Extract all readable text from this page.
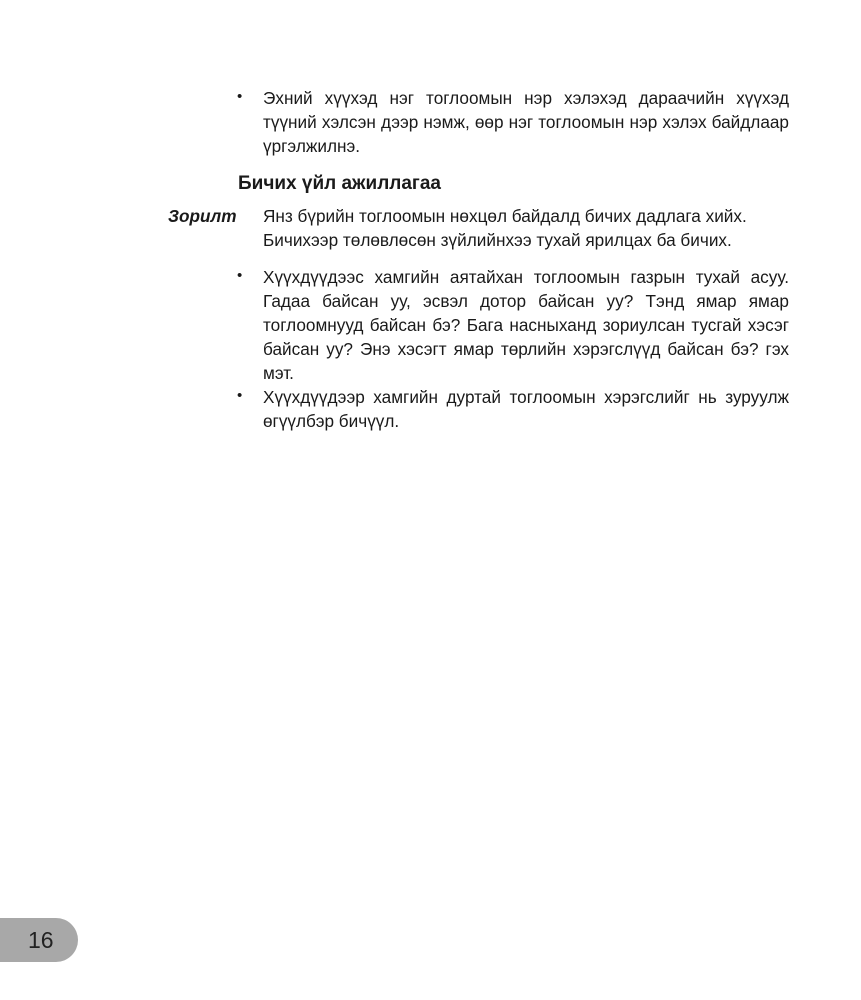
• Эхний хүүхэд нэг тоглоомын нэр хэлэхэд дараачийн хүүхэд түүний хэлсэн дээр нэмж, өөр нэг тоглоомын нэр хэлэх байдлаар үргэлжилнэ.

Бичих үйл ажиллагаа
Зорилт Янз бүрийн тоглоомын нөхцөл байдалд бичих дадлага хийх.
Бичихээр төлөвлөсөн зүйлийнхээ тухай ярилцах ба бичих.

• Хүүхдүүдээс хамгийн аятайхан тоглоомын газрын тухай асуу. Гадаа байсан уу, эсвэл дотор байсан уу? Тэнд ямар ямар тоглоомнууд байсан бэ? Бага насныханд зориулсан тусгай хэсэг байсан уу? Энэ хэсэгт ямар төрлийн хэрэгслүүд байсан бэ? гэх мэт.

• Хүүхдүүдээр хамгийн дуртай тоглоомын хэрэгслийг нь зуруулж өгүүлбэр бичүүл.

16
